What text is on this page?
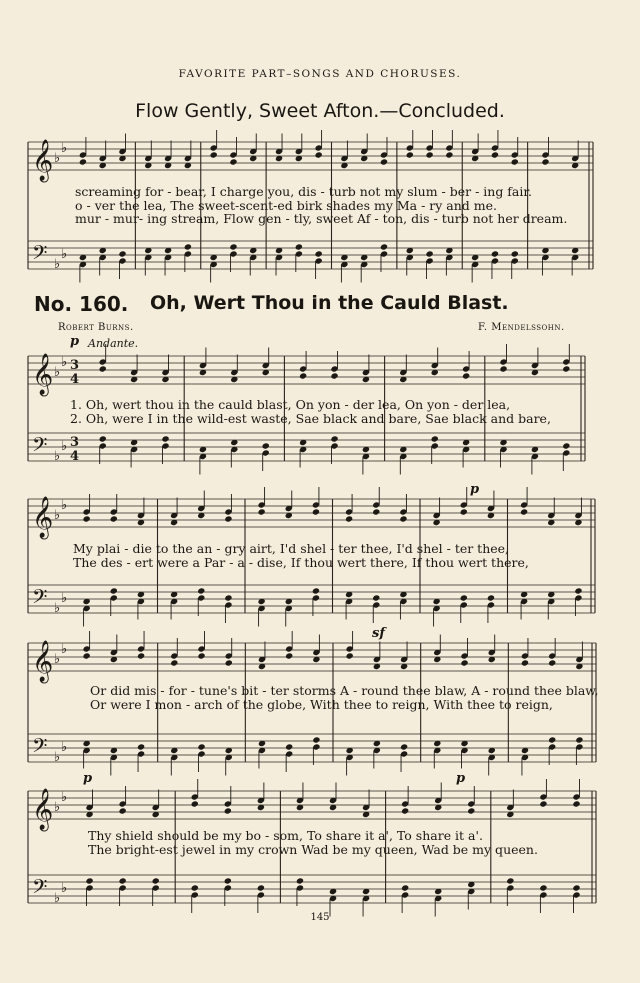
FAVORITE PART–SONGS AND CHORUSES.
Flow Gently, Sweet Afton.—Concluded.
𝄞
𝄢
♭
♭
♭
♭
𝄞
𝄢
♭
♭
♭
♭
3
4
3
4
𝄞
𝄢
♭
♭
♭
♭
𝄞
𝄢
♭
♭
♭
♭
𝄞
𝄢
♭
♭
♭
♭
screaming for - bear, I charge you, dis - turb not my slum - ber - ing fair.
o - ver the lea, The sweet-scent-ed birk shades my Ma - ry and me.
mur - mur- ing stream, Flow gen - tly, sweet Af - ton, dis - turb not her dream.
No. 160. Oh, Wert Thou in the Cauld Blast.
Robert Burns.	F. Mendelssohn.
p Andante.
1. Oh, wert thou in the cauld blast, On yon - der lea, On yon - der lea,
2. Oh, were I in the wild-est waste, Sae black and bare, Sae black and bare,
p
My plai - die to the an - gry airt, I'd shel - ter thee, I'd shel - ter thee,
The des - ert were a Par - a - dise, If thou wert there, If thou wert there,
sf
Or did mis - for - tune's bit - ter storms A - round thee blaw, A - round thee blaw,
Or were I mon - arch of the globe, With thee to reign, With thee to reign,
p	p
Thy shield should be my bo - som, To share it a', To share it a'.
The bright-est jewel in my crown Wad be my queen, Wad be my queen.
145
